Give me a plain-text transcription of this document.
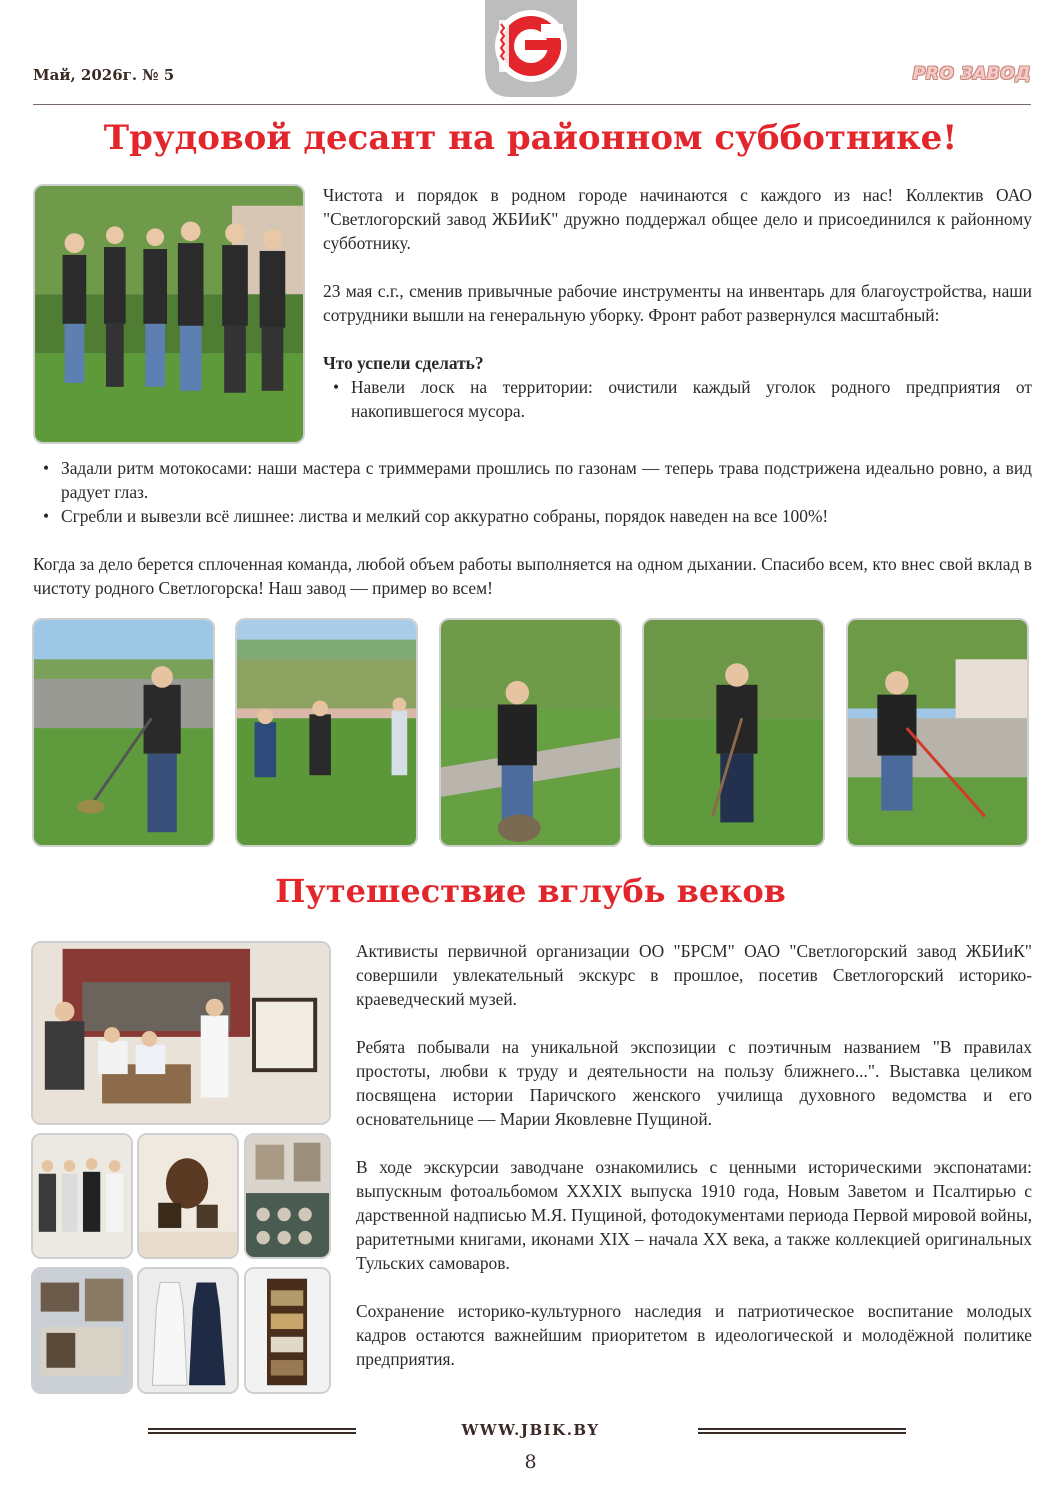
Май, 2026г. № 5	PRO ЗАВОД
Трудовой десант на районном субботнике!

Чистота и порядок в родном городе начинаются с каждого из нас! Коллектив ОАО "Светлогорский завод ЖБИиК" дружно поддержал общее дело и присоединился к районному субботнику.

23 мая с.г., сменив привычные рабочие инструменты на инвентарь для благоустройства, наши сотрудники вышли на генеральную уборку. Фронт работ развернулся масштабный:

Что успели сделать?

• Навели лоск на территории: очистили каждый уголок родного предприятия от накопившегося мусора.
• Задали ритм мотокосами: наши мастера с триммерами прошлись по газонам — теперь трава подстрижена идеально ровно, а вид радует глаз.
• Сгребли и вывезли всё лишнее: листва и мелкий сор аккуратно собраны, порядок наведен на все 100%!

Когда за дело берется сплоченная команда, любой объем работы выполняется на одном дыхании. Спасибо всем, кто внес свой вклад в чистоту родного Светлогорска! Наш завод — пример во всем!

Путешествие вглубь веков

Активисты первичной организации ОО "БРСМ" ОАО "Светлогорский завод ЖБИиК" совершили увлекательный экскурс в прошлое, посетив Светлогорский историко-краеведческий музей.

Ребята побывали на уникальной экспозиции с поэтичным названием "В правилах простоты, любви к труду и деятельности на пользу ближнего...". Выставка целиком посвящена истории Паричского женского училища духовного ведомства и его основательнице — Марии Яковлевне Пущиной.

В ходе экскурсии заводчане ознакомились с ценными историческими экспонатами: выпускным фотоальбомом XXXIX выпуска 1910 года, Новым Заветом и Псалтирью с дарственной надписью М.Я. Пущиной, фотодокументами периода Первой мировой войны, раритетными книгами, иконами XIX – начала XX века, а также коллекцией оригинальных Тульских самоваров.

Сохранение историко-культурного наследия и патриотическое воспитание молодых кадров остаются важнейшим приоритетом в идеологической и молодёжной политике предприятия.

WWW.JBIK.BY
8
